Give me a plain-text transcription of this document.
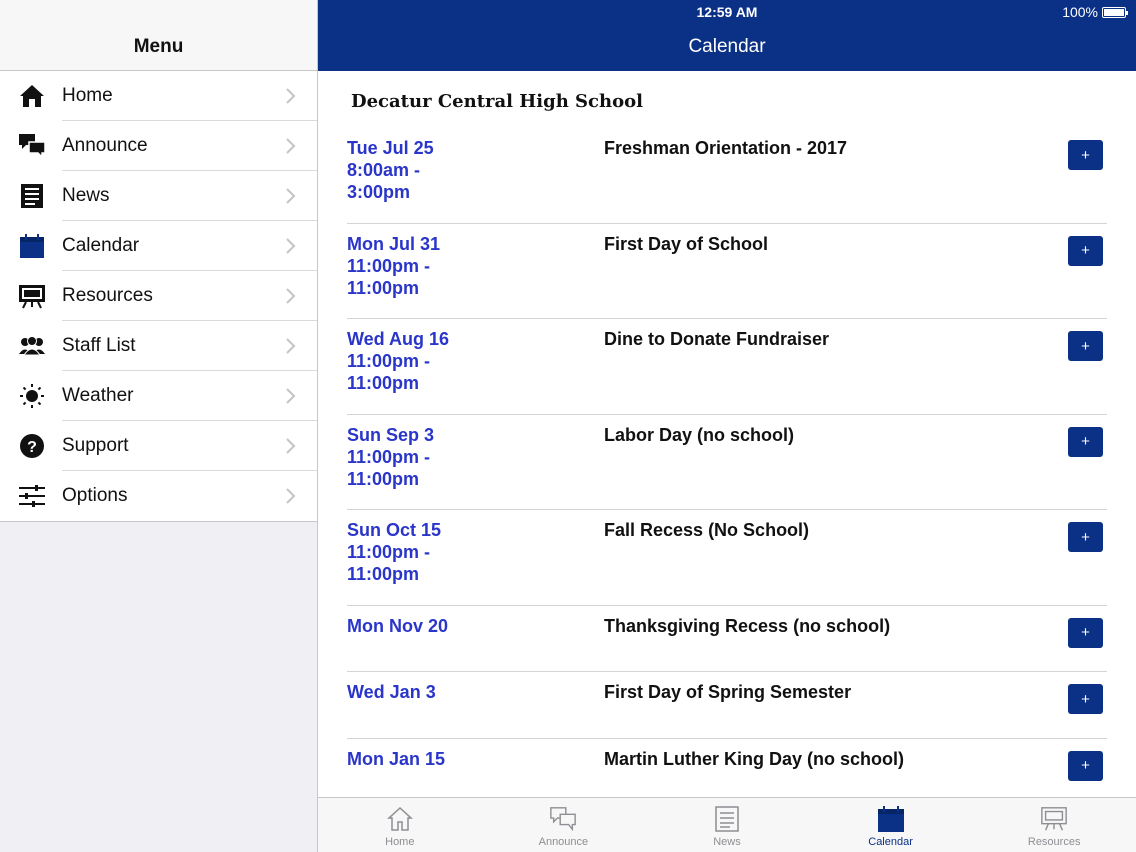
Menu
Home
Announce
News
Calendar
Resources
Staff List
Weather
? Support
Options
12:59 AM	100%
Calendar
Decatur Central High School
Tue Jul 25
8:00am -
3:00pm
Freshman Orientation - 2017	+
Mon Jul 31
11:00pm -
11:00pm
First Day of School	+
Wed Aug 16
11:00pm -
11:00pm
Dine to Donate Fundraiser	+
Sun Sep 3
11:00pm -
11:00pm
Labor Day (no school)	+
Sun Oct 15
11:00pm -
11:00pm
Fall Recess (No School)	+
Mon Nov 20	Thanksgiving Recess (no school)	+
Wed Jan 3	First Day of Spring Semester	+
Mon Jan 15	Martin Luther King Day (no school)	+
Home	Announce	News	Calendar	Resources
